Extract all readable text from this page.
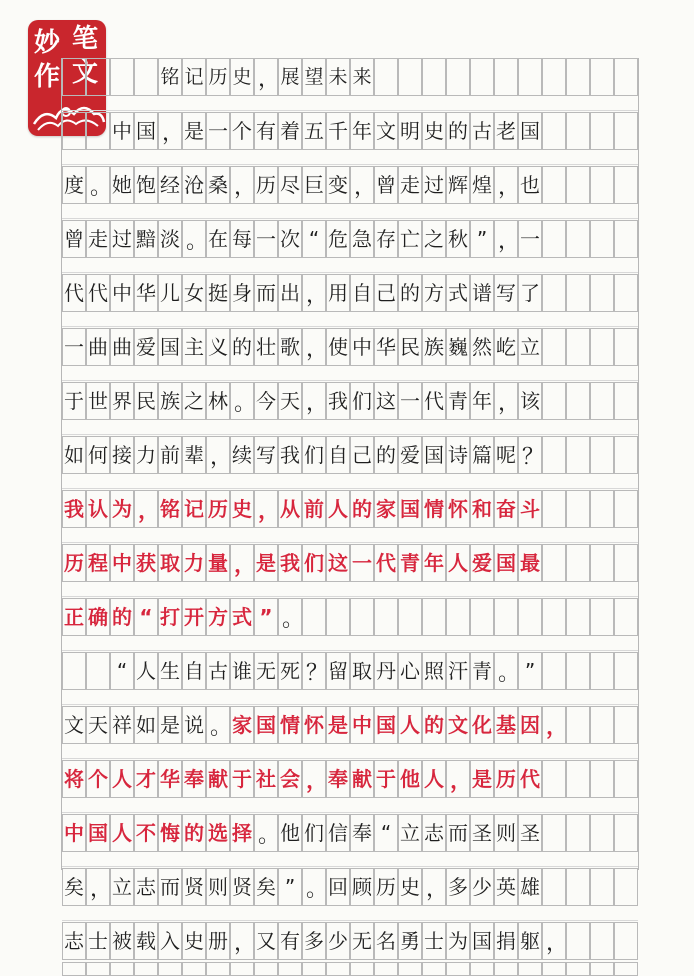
妙 笔
作 文	铭 记 历 史 ， 展 望 未 来
中 国 ， 是 一 个 有 着 五 千 年 文 明 史 的 古 老 国
度 。 她 饱 经 沧 桑 ， 历 尽 巨 变 ， 曾 走 过 辉 煌 ， 也
曾 走 过 黯 淡 。 在 每 一 次 “ 危 急 存 亡 之 秋 ” ， 一
代 代 中 华 儿 女 挺 身 而 出 ， 用 自 己 的 方 式 谱 写 了
一 曲 曲 爱 国 主 义 的 壮 歌 ， 使 中 华 民 族 巍 然 屹 立
于 世 界 民 族 之 林 。 今 天 ， 我 们 这 一 代 青 年 ， 该
如 何 接 力 前 辈 ， 续 写 我 们 自 己 的 爱 国 诗 篇 呢 ？
我 认 为 ， 铭 记 历 史 ， 从 前 人 的 家 国 情 怀 和 奋 斗
历 程 中 获 取 力 量 ， 是 我 们 这 一 代 青 年 人 爱 国 最
正 确 的 “ 打 开 方 式 ” 。
“ 人 生 自 古 谁 无 死 ？ 留 取 丹 心 照 汗 青 。 ”
文 天 祥 如 是 说 。 家 国 情 怀 是 中 国 人 的 文 化 基 因 ，
将 个 人 才 华 奉 献 于 社 会 ， 奉 献 于 他 人 ， 是 历 代
中 国 人 不 悔 的 选 择 。 他 们 信 奉 “ 立 志 而 圣 则 圣
矣 ， 立 志 而 贤 则 贤 矣 ” 。 回 顾 历 史 ， 多 少 英 雄
志 士 被 载 入 史 册 ， 又 有 多 少 无 名 勇 士 为 国 捐 躯 ，
